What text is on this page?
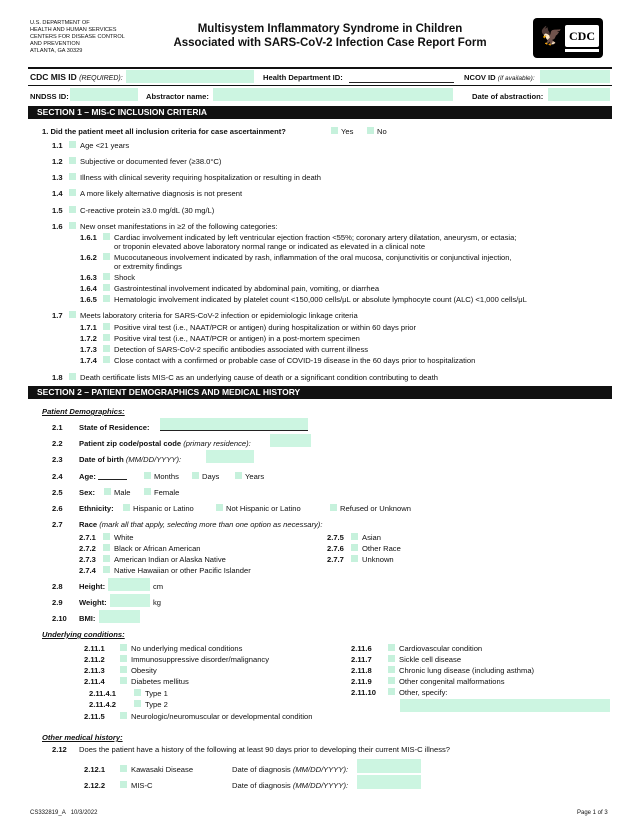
U.S. DEPARTMENT OF
HEALTH AND HUMAN SERVICES
CENTERS FOR DISEASE CONTROL
AND PREVENTION
ATLANTA, GA 30329
Multisystem Inflammatory Syndrome in Children
Associated with SARS-CoV-2 Infection Case Report Form	🦅 CDC
CDC MIS ID (REQUIRED):	Health Department ID:	NCOV ID (if available):
NNDSS ID:	Abstractor name:	Date of abstraction:
SECTION 1 – MIS-C INCLUSION CRITERIA
1. Did the patient meet all inclusion criteria for case ascertainment?	Yes	No
1.1 Age <21 years
1.2 Subjective or documented fever (≥38.0°C)
1.3 Illness with clinical severity requiring hospitalization or resulting in death
1.4 A more likely alternative diagnosis is not present
1.5 C-reactive protein ≥3.0 mg/dL (30 mg/L)
1.6 New onset manifestations in ≥2 of the following categories:
1.6.1 Cardiac involvement indicated by left ventricular ejection fraction <55%; coronary artery dilatation, aneurysm, or ectasia;
or troponin elevated above laboratory normal range or indicated as elevated in a clinical note
1.6.2 Mucocutaneous involvement indicated by rash, inflammation of the oral mucosa, conjunctivitis or conjunctival injection,
or extremity findings
1.6.3 Shock
1.6.4 Gastrointestinal involvement indicated by abdominal pain, vomiting, or diarrhea
1.6.5 Hematologic involvement indicated by platelet count <150,000 cells/μL or absolute lymphocyte count (ALC) <1,000 cells/μL
1.7 Meets laboratory criteria for SARS-CoV-2 infection or epidemiologic linkage criteria
1.7.1 Positive viral test (i.e., NAAT/PCR or antigen) during hospitalization or within 60 days prior
1.7.2 Positive viral test (i.e., NAAT/PCR or antigen) in a post-mortem specimen
1.7.3 Detection of SARS-CoV-2 specific antibodies associated with current illness
1.7.4 Close contact with a confirmed or probable case of COVID-19 disease in the 60 days prior to hospitalization
1.8 Death certificate lists MIS-C as an underlying cause of death or a significant condition contributing to death
SECTION 2 – PATIENT DEMOGRAPHICS AND MEDICAL HISTORY
Patient Demographics:
2.1 State of Residence:
2.2 Patient zip code/postal code (primary residence):
2.3 Date of birth (MM/DD/YYYY):
2.4 Age:	Months	Days	Years
2.5 Sex: Male	Female
2.6 Ethnicity:	Hispanic or Latino	Not Hispanic or Latino	Refused or Unknown
2.7 Race (mark all that apply, selecting more than one option as necessary):
2.7.1 White
2.7.2 Black or African American
2.7.3 American Indian or Alaska Native
2.7.4 Native Hawaiian or other Pacific Islander
2.7.5 Asian
2.7.6 Other Race
2.7.7 Unknown
2.8 Height:	cm
2.9 Weight:	kg
2.10 BMI:
Underlying conditions:
2.11.1	No underlying medical conditions
2.11.2	Immunosuppressive disorder/malignancy
2.11.3	Obesity
2.11.4	Diabetes mellitus
2.11.4.1	Type 1
2.11.4.2	Type 2
2.11.5	Neurologic/neuromuscular or developmental condition
2.11.6	Cardiovascular condition
2.11.7	Sickle cell disease
2.11.8	Chronic lung disease (including asthma)
2.11.9	Other congenital malformations
2.11.10	Other, specify:
Other medical history:
2.12 Does the patient have a history of the following at least 90 days prior to developing their current MIS-C illness?
2.12.1	Kawasaki Disease	Date of diagnosis (MM/DD/YYYY):
2.12.2	MIS-C	Date of diagnosis (MM/DD/YYYY):
CS332819_A 10/3/2022	Page 1 of 3
